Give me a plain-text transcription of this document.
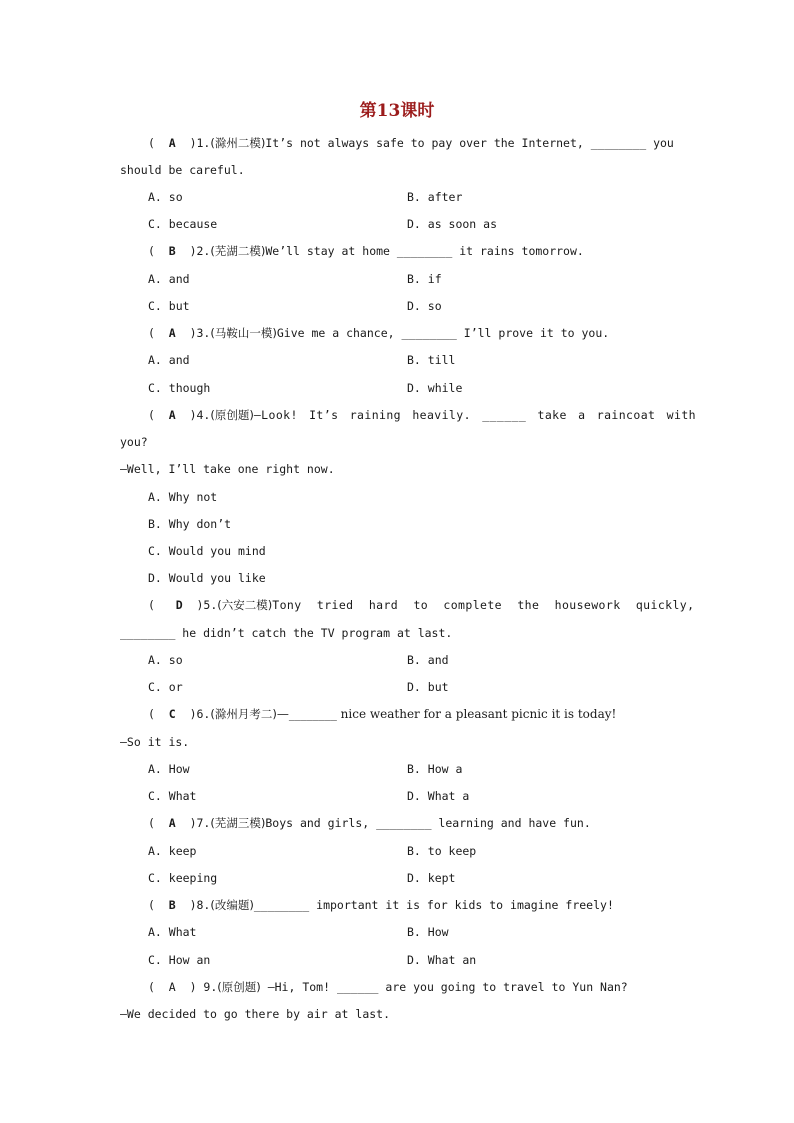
第13课时
(  A  )1.(滁州二模)It’s not always safe to pay over the Internet, ________ you
should be careful.
A. so	B. after
C. because	D. as soon as
(  B  )2.(芜湖二模)We’ll stay at home ________ it rains tomorrow.
A. and	B. if
C. but	D. so
(  A  )3.(马鞍山一模)Give me a chance, ________ I’ll prove it to you.
A. and	B. till
C. though	D. while
(  A  )4.(原创题)—Look! It’s raining heavily. ______ take a raincoat with
you?
—Well, I’ll take one right now.
A. Why not
B. Why don’t
C. Would you mind
D. Would you like
(   D  )5.(六安二模)Tony tried hard to complete the housework quickly,
________ he didn’t catch the TV program at last.
A. so	B. and
C. or	D. but
(  C  )6.(滁州月考二)—________ nice weather for a pleasant picnic it is today!
—So it is.
A. How	B. How a
C. What	D. What a
(  A  )7.(芜湖三模)Boys and girls, ________ learning and have fun.
A. keep	B. to keep
C. keeping	D. kept
(  B  )8.(改编题)________ important it is for kids to imagine freely!
A. What	B. How
C. How an	D. What an
(  A  ) 9.(原创题) —Hi, Tom! ______ are you going to travel to Yun Nan?
—We decided to go there by air at last.
